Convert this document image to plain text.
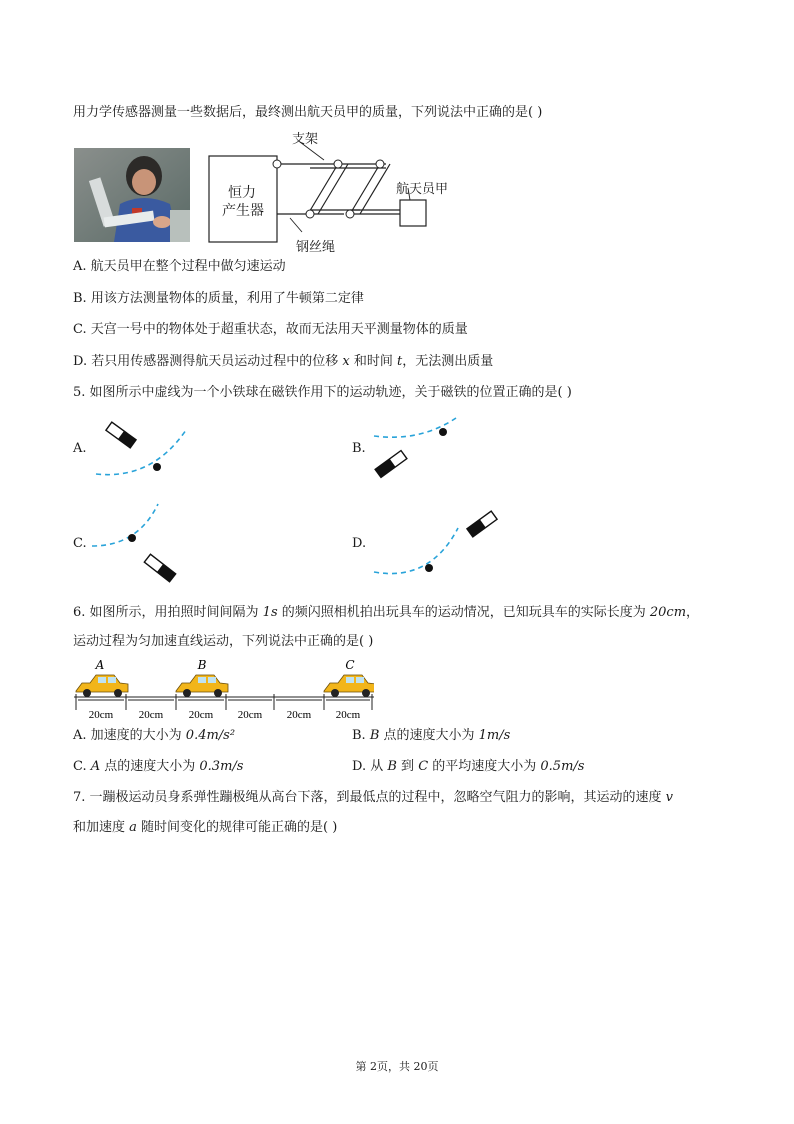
用力学传感器测量一些数据后，最终测出航天员甲的质量，下列说法中正确的是( )
支架
航天员甲
恒力
产生器
钢丝绳
A. 航天员甲在整个过程中做匀速运动
B. 用该方法测量物体的质量，利用了牛顿第二定律
C. 天宫一号中的物体处于超重状态，故而无法用天平测量物体的质量
D. 若只用传感器测得航天员运动过程中的位移 x 和时间 t，无法测出质量
5. 如图所示中虚线为一个小铁球在磁铁作用下的运动轨迹，关于磁铁的位置正确的是( )
A.	B.
C.	D.
6. 如图所示，用拍照时间间隔为 1s 的频闪照相机拍出玩具车的运动情况，已知玩具车的实际长度为 20cm，
运动过程为匀加速直线运动，下列说法中正确的是( )
A	B	C
20cm 20cm 20cm 20cm 20cm 20cm
A. 加速度的大小为 0.4m/s²	B. B 点的速度大小为 1m/s
C. A 点的速度大小为 0.3m/s	D. 从 B 到 C 的平均速度大小为 0.5m/s
7. 一蹦极运动员身系弹性蹦极绳从高台下落，到最低点的过程中，忽略空气阻力的影响，其运动的速度 v
和加速度 a 随时间变化的规律可能正确的是( )
第 2页，共 20页
